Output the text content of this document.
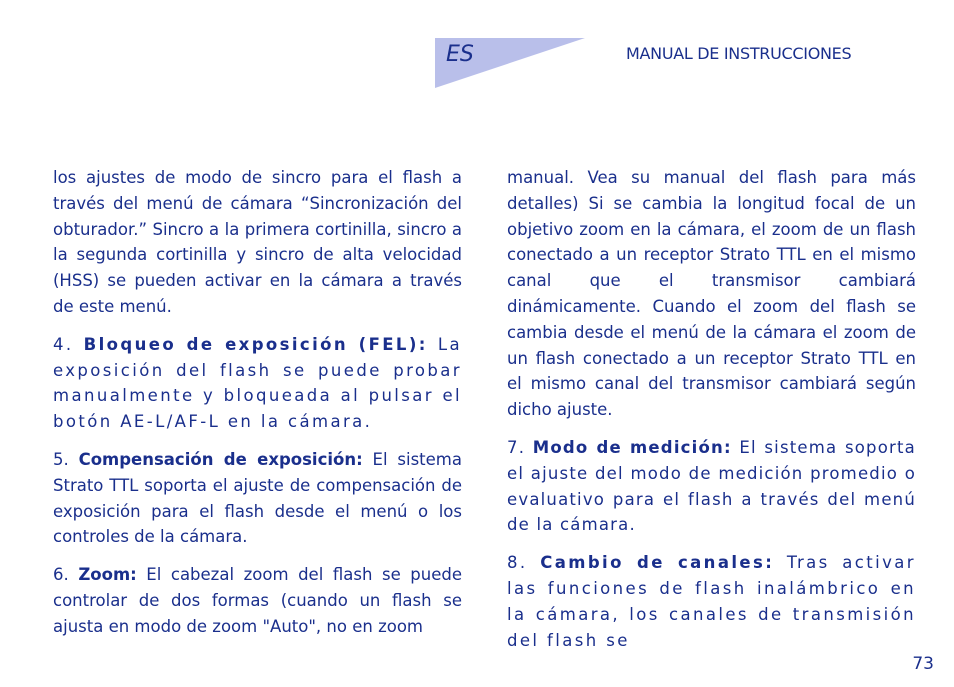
ES	MANUAL DE INSTRUCCIONES

los ajustes de modo de sincro para el flash a través del menú de cámara “Sincronización del obturador.” Sincro a la primera cortinilla, sincro a la segunda cortinilla y sincro de alta velocidad (HSS) se pueden activar en la cámara a través de este menú.

4. Bloqueo de exposición (FEL): La exposición del flash se puede probar manualmente y bloqueada al pulsar el botón AE-L/AF-L en la cámara.

5. Compensación de exposición: El sistema Strato TTL soporta el ajuste de compensación de exposición para el flash desde el menú o los controles de la cámara.

6. Zoom: El cabezal zoom del flash se puede controlar de dos formas (cuando un flash se ajusta en modo de zoom "Auto", no en zoom

manual. Vea su manual del flash para más detalles) Si se cambia la longitud focal de un objetivo zoom en la cámara, el zoom de un flash conectado a un receptor Strato TTL en el mismo canal que el transmisor cambiará dinámicamente. Cuando el zoom del flash se cambia desde el menú de la cámara el zoom de un flash conectado a un receptor Strato TTL en el mismo canal del transmisor cambiará según dicho ajuste.

7. Modo de medición: El sistema soporta el ajuste del modo de medición promedio o evaluativo para el flash a través del menú de la cámara.

8. Cambio de canales: Tras activar las funciones de flash inalámbrico en la cámara, los canales de transmisión del flash se

73
